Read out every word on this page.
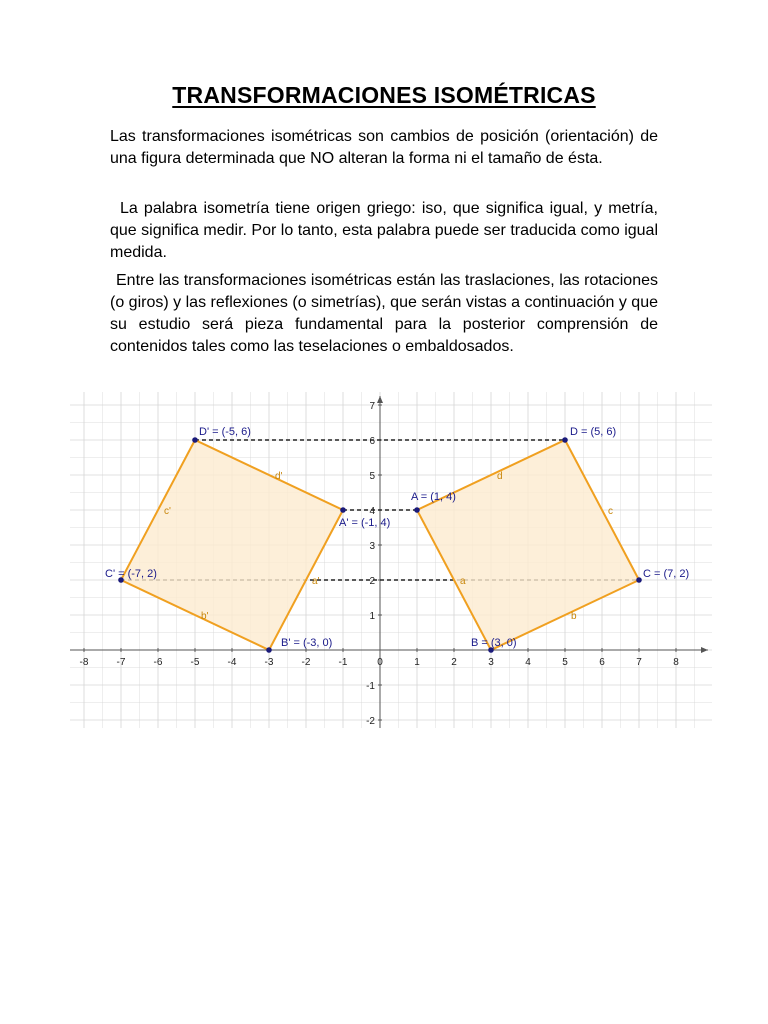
TRANSFORMACIONES ISOMÉTRICAS

Las transformaciones isométricas son cambios de posición (orientación) de una figura determinada que NO alteran la forma ni el tamaño de ésta.

La palabra isometría tiene origen griego: iso, que significa igual, y metría, que significa medir. Por lo tanto, esta palabra puede ser traducida como igual medida.

Entre las transformaciones isométricas están las traslaciones, las rotaciones (o giros) y las reflexiones (o simetrías), que serán vistas a continuación y que su estudio será pieza fundamental para la posterior comprensión de contenidos tales como las teselaciones o embaldosados.

-8	-7	-6	-5	-4	-3	-2	-1	0	1	2	3	4	5	6	7	8
-2
-1
1
2
3
4
5
6
7
a
b
c
d
A = (1, 4)
B = (3, 0)
C = (7, 2)
D = (5, 6)
a'
b'
c'
d'
A' = (-1, 4)
B' = (-3, 0)
C' = (-7, 2)
D' = (-5, 6)
